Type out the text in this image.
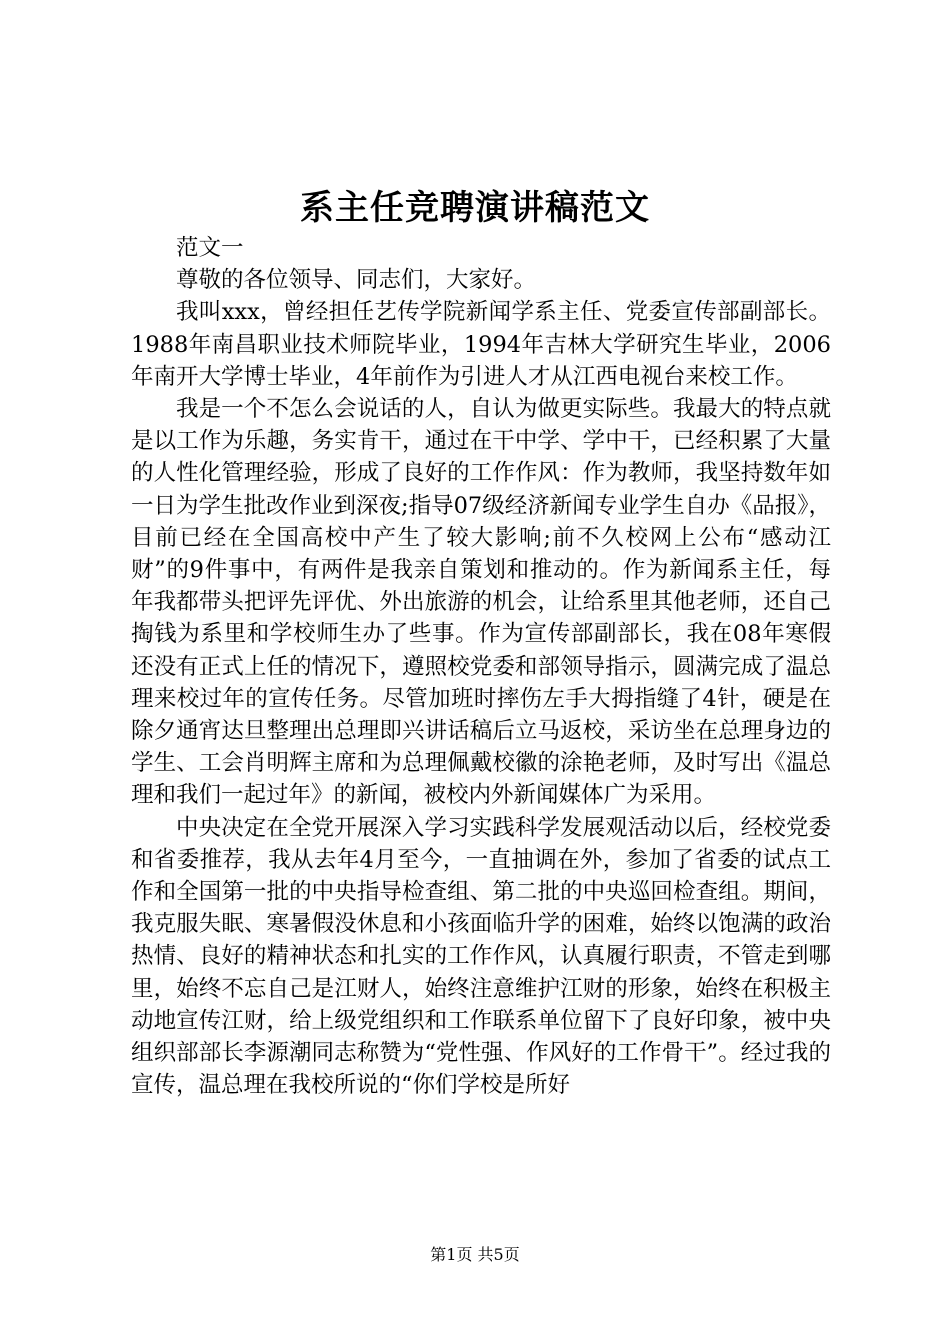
系主任竞聘演讲稿范文

范文一

尊敬的各位领导、同志们，大家好。

我叫xxx，曾经担任艺传学院新闻学系主任、党委宣传部副部长。1988年南昌职业技术师院毕业，1994年吉林大学研究生毕业，2006年南开大学博士毕业，4年前作为引进人才从江西电视台来校工作。

我是一个不怎么会说话的人，自认为做更实际些。我最大的特点就是以工作为乐趣，务实肯干，通过在干中学、学中干，已经积累了大量的人性化管理经验，形成了良好的工作作风：作为教师，我坚持数年如一日为学生批改作业到深夜;指导07级经济新闻专业学生自办《品报》，目前已经在全国高校中产生了较大影响;前不久校网上公布“感动江财”的9件事中，有两件是我亲自策划和推动的。作为新闻系主任，每年我都带头把评先评优、外出旅游的机会，让给系里其他老师，还自己掏钱为系里和学校师生办了些事。作为宣传部副部长，我在08年寒假还没有正式上任的情况下，遵照校党委和部领导指示，圆满完成了温总理来校过年的宣传任务。尽管加班时摔伤左手大拇指缝了4针，硬是在除夕通宵达旦整理出总理即兴讲话稿后立马返校，采访坐在总理身边的学生、工会肖明辉主席和为总理佩戴校徽的涂艳老师，及时写出《温总理和我们一起过年》的新闻，被校内外新闻媒体广为采用。

中央决定在全党开展深入学习实践科学发展观活动以后，经校党委和省委推荐，我从去年4月至今，一直抽调在外，参加了省委的试点工作和全国第一批的中央指导检查组、第二批的中央巡回检查组。期间，我克服失眠、寒暑假没休息和小孩面临升学的困难，始终以饱满的政治热情、良好的精神状态和扎实的工作作风，认真履行职责，不管走到哪里，始终不忘自己是江财人，始终注意维护江财的形象，始终在积极主动地宣传江财，给上级党组织和工作联系单位留下了良好印象，被中央组织部部长李源潮同志称赞为“党性强、作风好的工作骨干”。经过我的宣传，温总理在我校所说的“你们学校是所好

第1页 共5页
